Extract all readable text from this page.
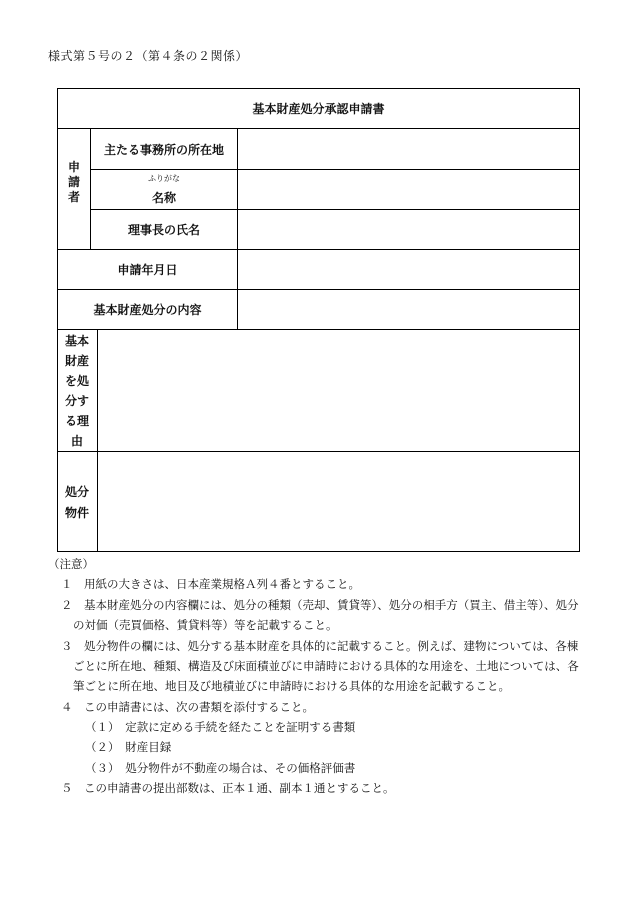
様式第５号の２（第４条の２関係）
基本財産処分承認申請書
申請者
主たる事務所の所在地
ふりがな
名称
理事長の氏名
申請年月日
基本財産処分の内容
基本財産を処分する理由
処分物件
（注意）
１　用紙の大きさは、日本産業規格Ａ列４番とすること。
２　基本財産処分の内容欄には、処分の種類（売却、賃貸等）、処分の相手方（買主、借主等）、処分
の対価（売買価格、賃貸料等）等を記載すること。
３　処分物件の欄には、処分する基本財産を具体的に記載すること。例えば、建物については、各棟
ごとに所在地、種類、構造及び床面積並びに申請時における具体的な用途を、土地については、各
筆ごとに所在地、地目及び地積並びに申請時における具体的な用途を記載すること。
４　この申請書には、次の書類を添付すること。
（１）　定款に定める手続を経たことを証明する書類
（２）　財産目録
（３）　処分物件が不動産の場合は、その価格評価書
５　この申請書の提出部数は、正本１通、副本１通とすること。
